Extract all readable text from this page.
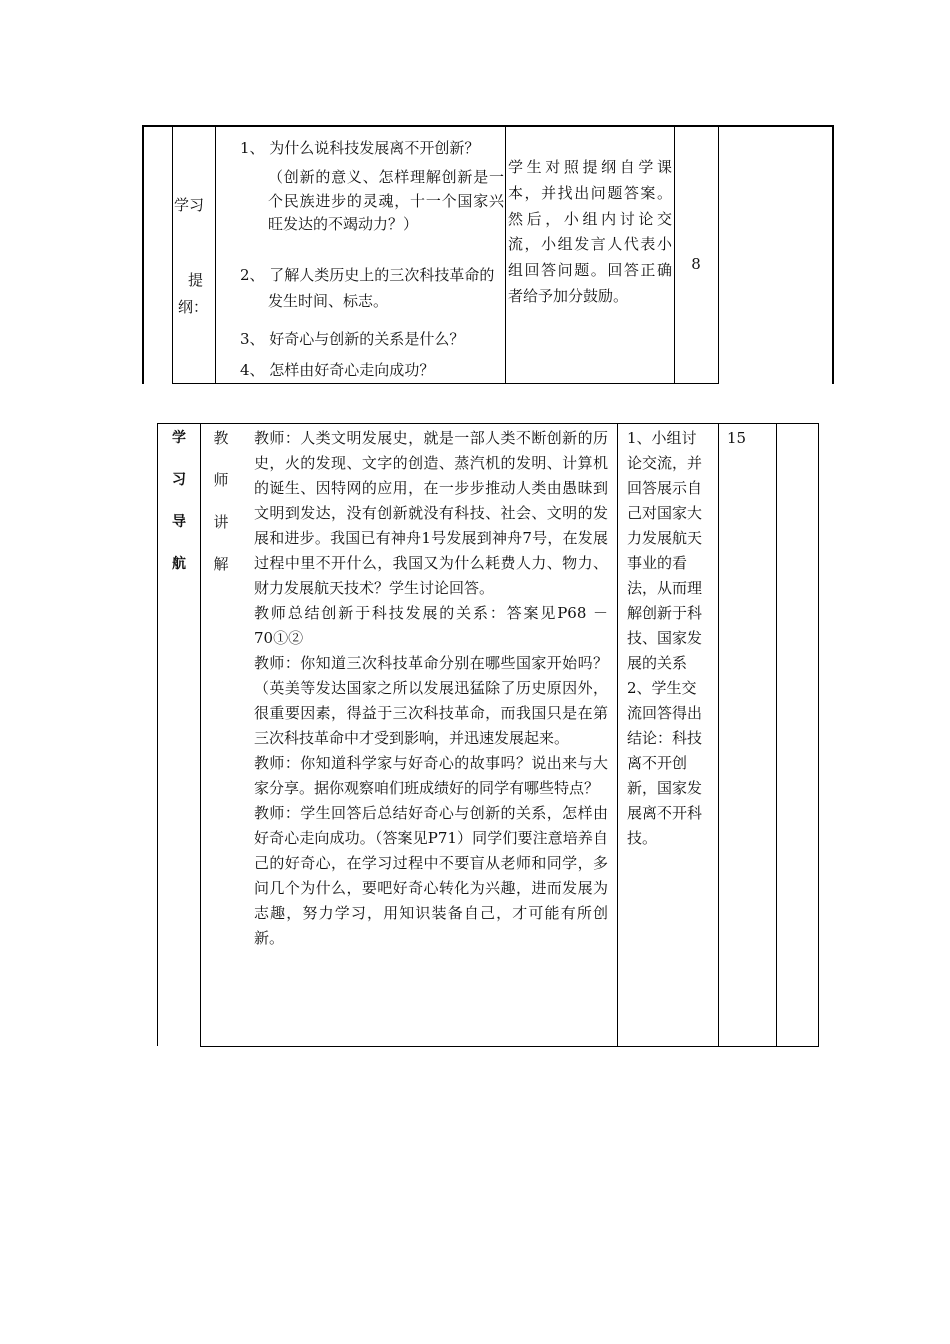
学习
提纲：
1、 为什么说科技发展离不开创新？
（创新的意义、怎样理解创新是一个民族进步的灵魂，十一个国家兴旺发达的不竭动力？）
2、 了解人类历史上的三次科技革命的 发生时间、标志。
3、 好奇心与创新的关系是什么？
4、 怎样由好奇心走向成功？
学生对照提纲自学课本，并找出问题答案。然后，小组内讨论交流，小组发言人代表小组回答问题。回答正确者给予加分鼓励。
8
学
习
导
航
教
师
讲
解
教师：人类文明发展史，就是一部人类不断创新的历史，火的发现、文字的创造、蒸汽机的发明、计算机的诞生、因特网的应用，在一步步推动人类由愚昧到文明到发达，没有创新就没有科技、社会、文明的发展和进步。我国已有神舟1号发展到神舟7号，在发展过程中里不开什么，我国又为什么耗费人力、物力、财力发展航天技术？学生讨论回答。
教师总结创新于科技发展的关系：答案见P68 －70①②
教师：你知道三次科技革命分别在哪些国家开始吗？（英美等发达国家之所以发展迅猛除了历史原因外，很重要因素，得益于三次科技革命，而我国只是在第三次科技革命中才受到影响，并迅速发展起来。
教师：你知道科学家与好奇心的故事吗？说出来与大家分享。据你观察咱们班成绩好的同学有哪些特点？
教师：学生回答后总结好奇心与创新的关系，怎样由好奇心走向成功。（答案见P71）同学们要注意培养自己的好奇心，在学习过程中不要盲从老师和同学，多问几个为什么，要吧好奇心转化为兴趣，进而发展为志趣，努力学习，用知识装备自己，才可能有所创新。
1、小组讨论交流，并回答展示自己对国家大力发展航天事业的看法，从而理解创新于科技、国家发展的关系 2、学生交流回答得出结论：科技离不开创新，国家发展离不开科技。
15
